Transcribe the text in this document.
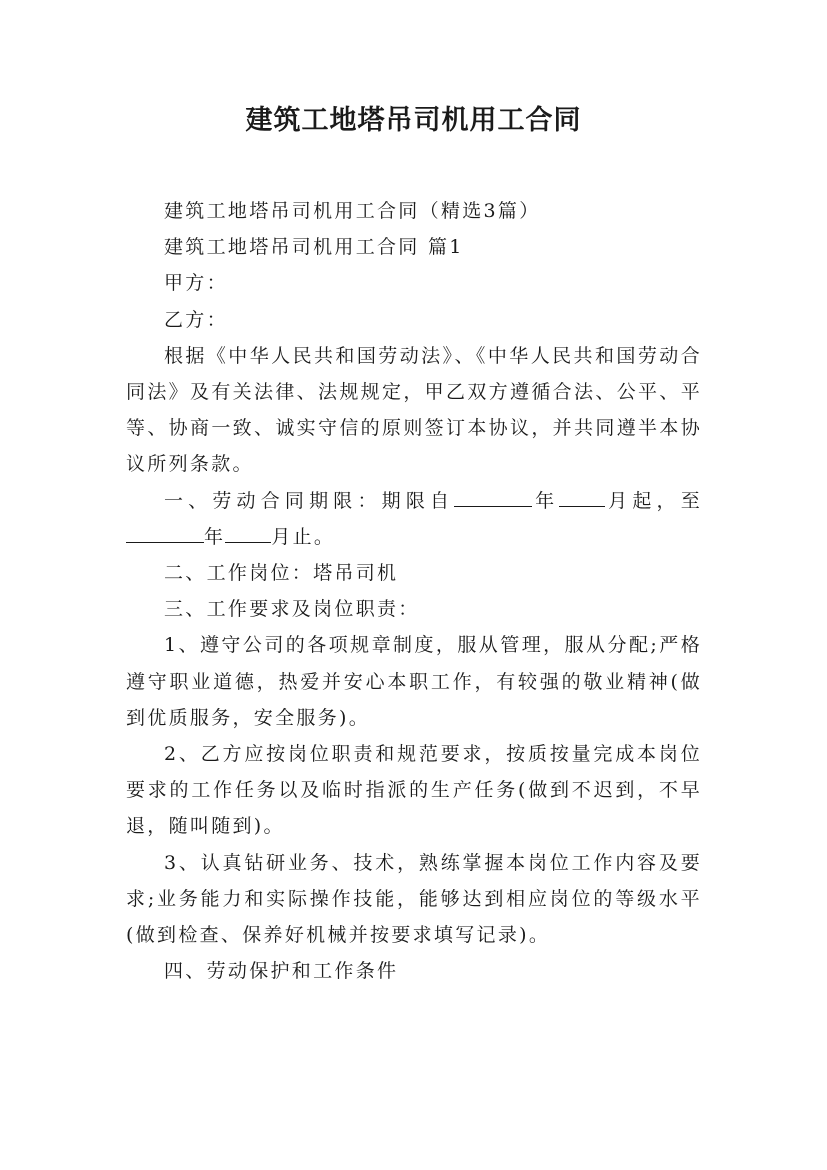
建筑工地塔吊司机用工合同

建筑工地塔吊司机用工合同（精选3篇）

建筑工地塔吊司机用工合同 篇1

甲方：

乙方：

根据《中华人民共和国劳动法》、《中华人民共和国劳动合同法》及有关法律、法规规定，甲乙双方遵循合法、公平、平等、协商一致、诚实守信的原则签订本协议，并共同遵半本协议所列条款。

一、劳动合同期限：期限自	年 月起，至年 月止。

二、工作岗位：塔吊司机

三、工作要求及岗位职责：

1、遵守公司的各项规章制度，服从管理，服从分配;严格遵守职业道德，热爱并安心本职工作，有较强的敬业精神(做到优质服务，安全服务)。

2、乙方应按岗位职责和规范要求，按质按量完成本岗位要求的工作任务以及临时指派的生产任务(做到不迟到，不早退，随叫随到)。

3、认真钻研业务、技术，熟练掌握本岗位工作内容及要求;业务能力和实际操作技能，能够达到相应岗位的等级水平(做到检查、保养好机械并按要求填写记录)。

四、劳动保护和工作条件
